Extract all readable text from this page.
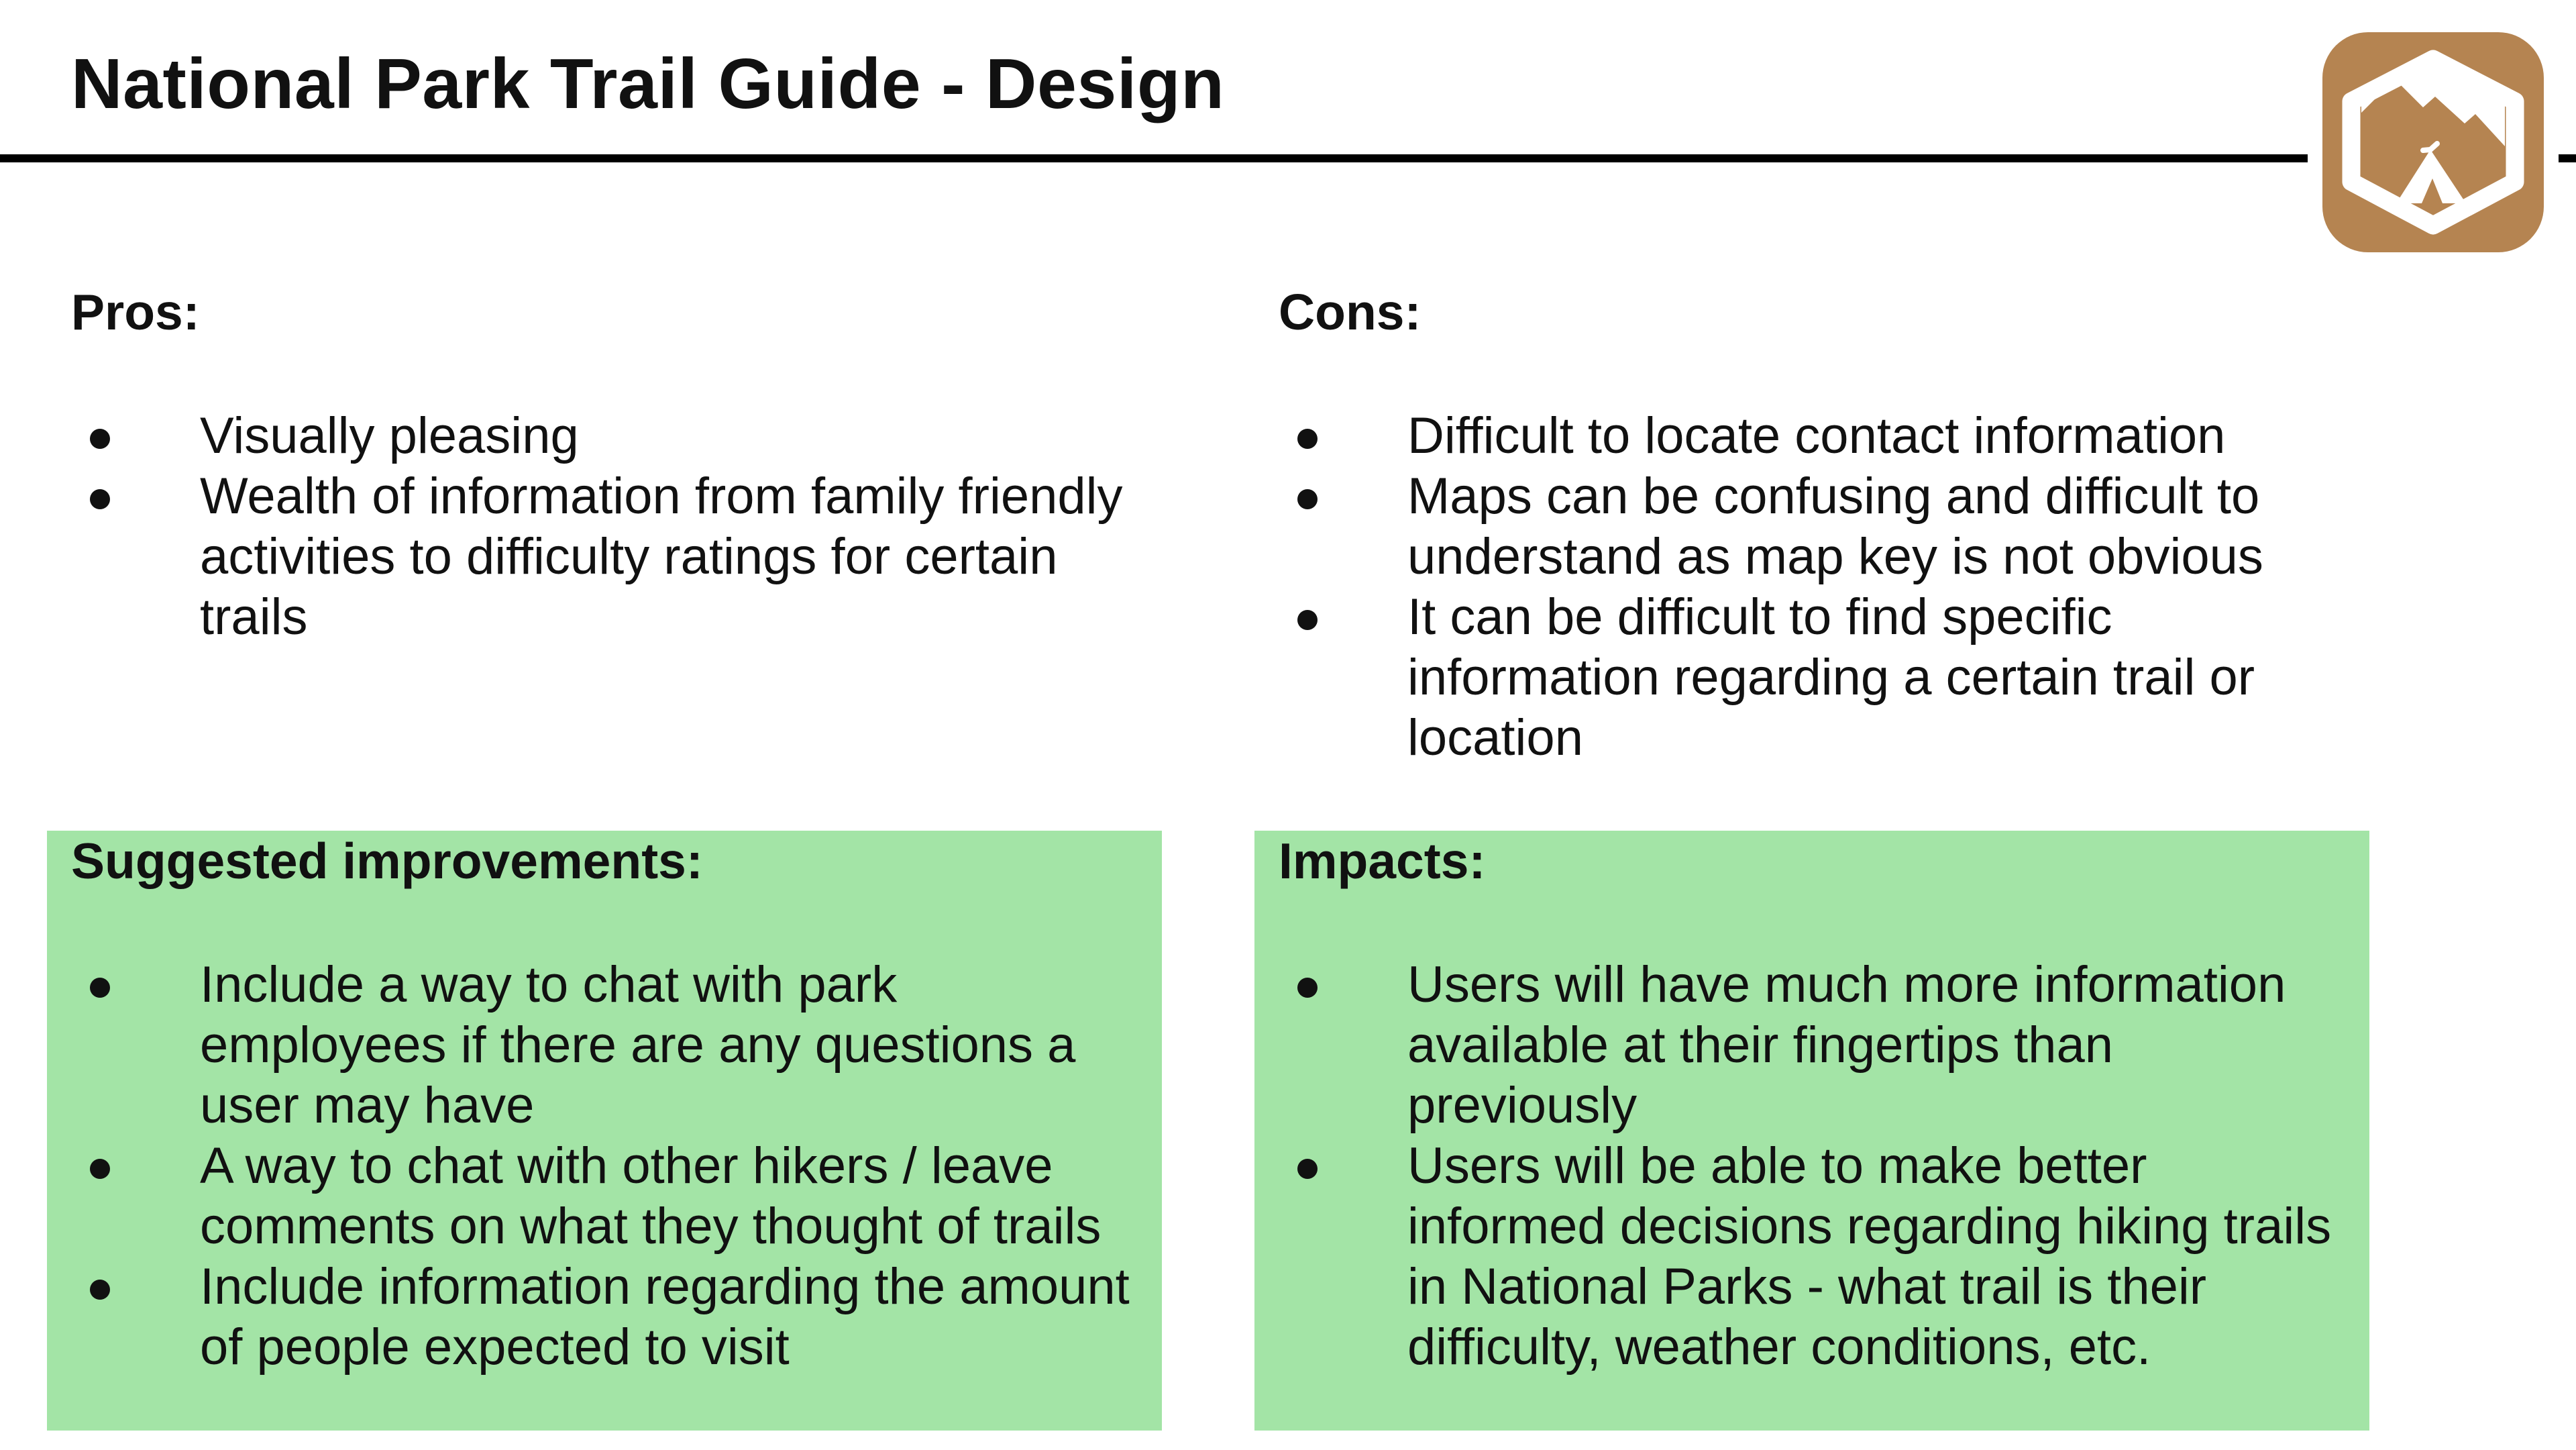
National Park Trail Guide - Design
Pros:
Visually pleasing
Wealth of information from family friendly activities to difficulty ratings for certain trails
Cons:
Difficult to locate contact information
Maps can be confusing and difficult to understand as map key is not obvious
It can be difficult to find specific information regarding a certain trail or location
Suggested improvements:
Include a way to chat with park employees if there are any questions a user may have
A way to chat with other hikers / leave comments on what they thought of trails
Include information regarding the amount of people expected to visit
Impacts:
Users will have much more information available at their fingertips than previously
Users will be able to make better informed decisions regarding hiking trails in National Parks - what trail is their difficulty, weather conditions, etc.
